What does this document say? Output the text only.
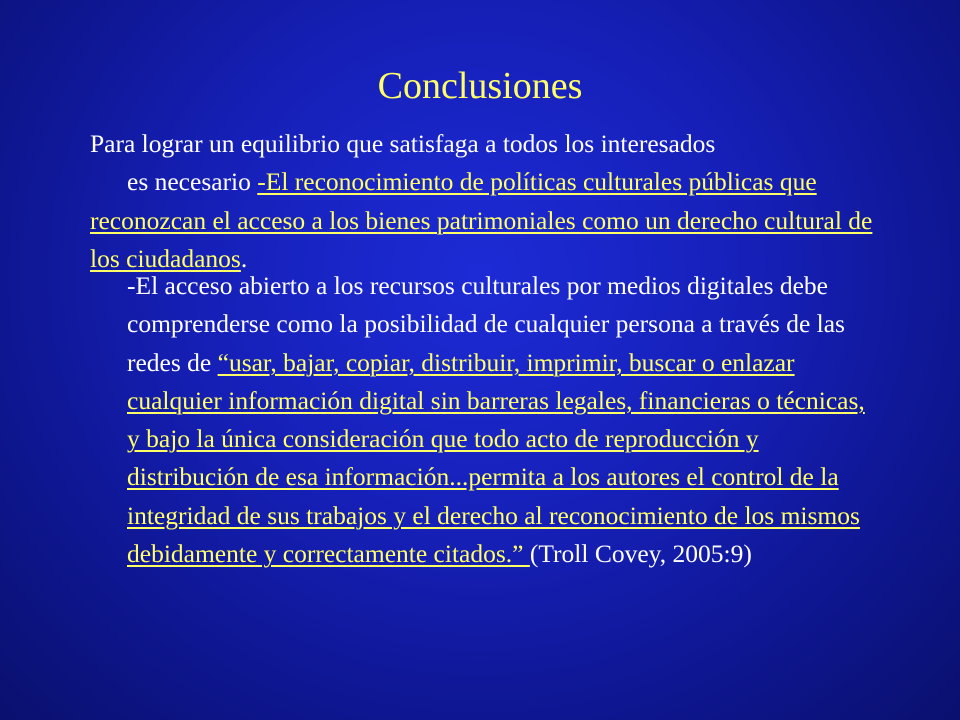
Conclusiones
Para lograr un equilibrio que satisfaga a todos los interesados
es necesario -El reconocimiento de políticas culturales públicas que reconozcan el acceso a los bienes patrimoniales como un derecho cultural de los ciudadanos.
-El acceso abierto a los recursos culturales por medios digitales debe comprenderse como la posibilidad de cualquier persona a través de las redes de “usar, bajar, copiar, distribuir, imprimir, buscar o enlazar cualquier información digital sin barreras legales, financieras o técnicas, y bajo la única consideración que todo acto de reproducción y distribución de esa información...permita a los autores el control de la integridad de sus trabajos y el derecho al reconocimiento de los mismos debidamente y correctamente citados.” (Troll Covey, 2005:9)
